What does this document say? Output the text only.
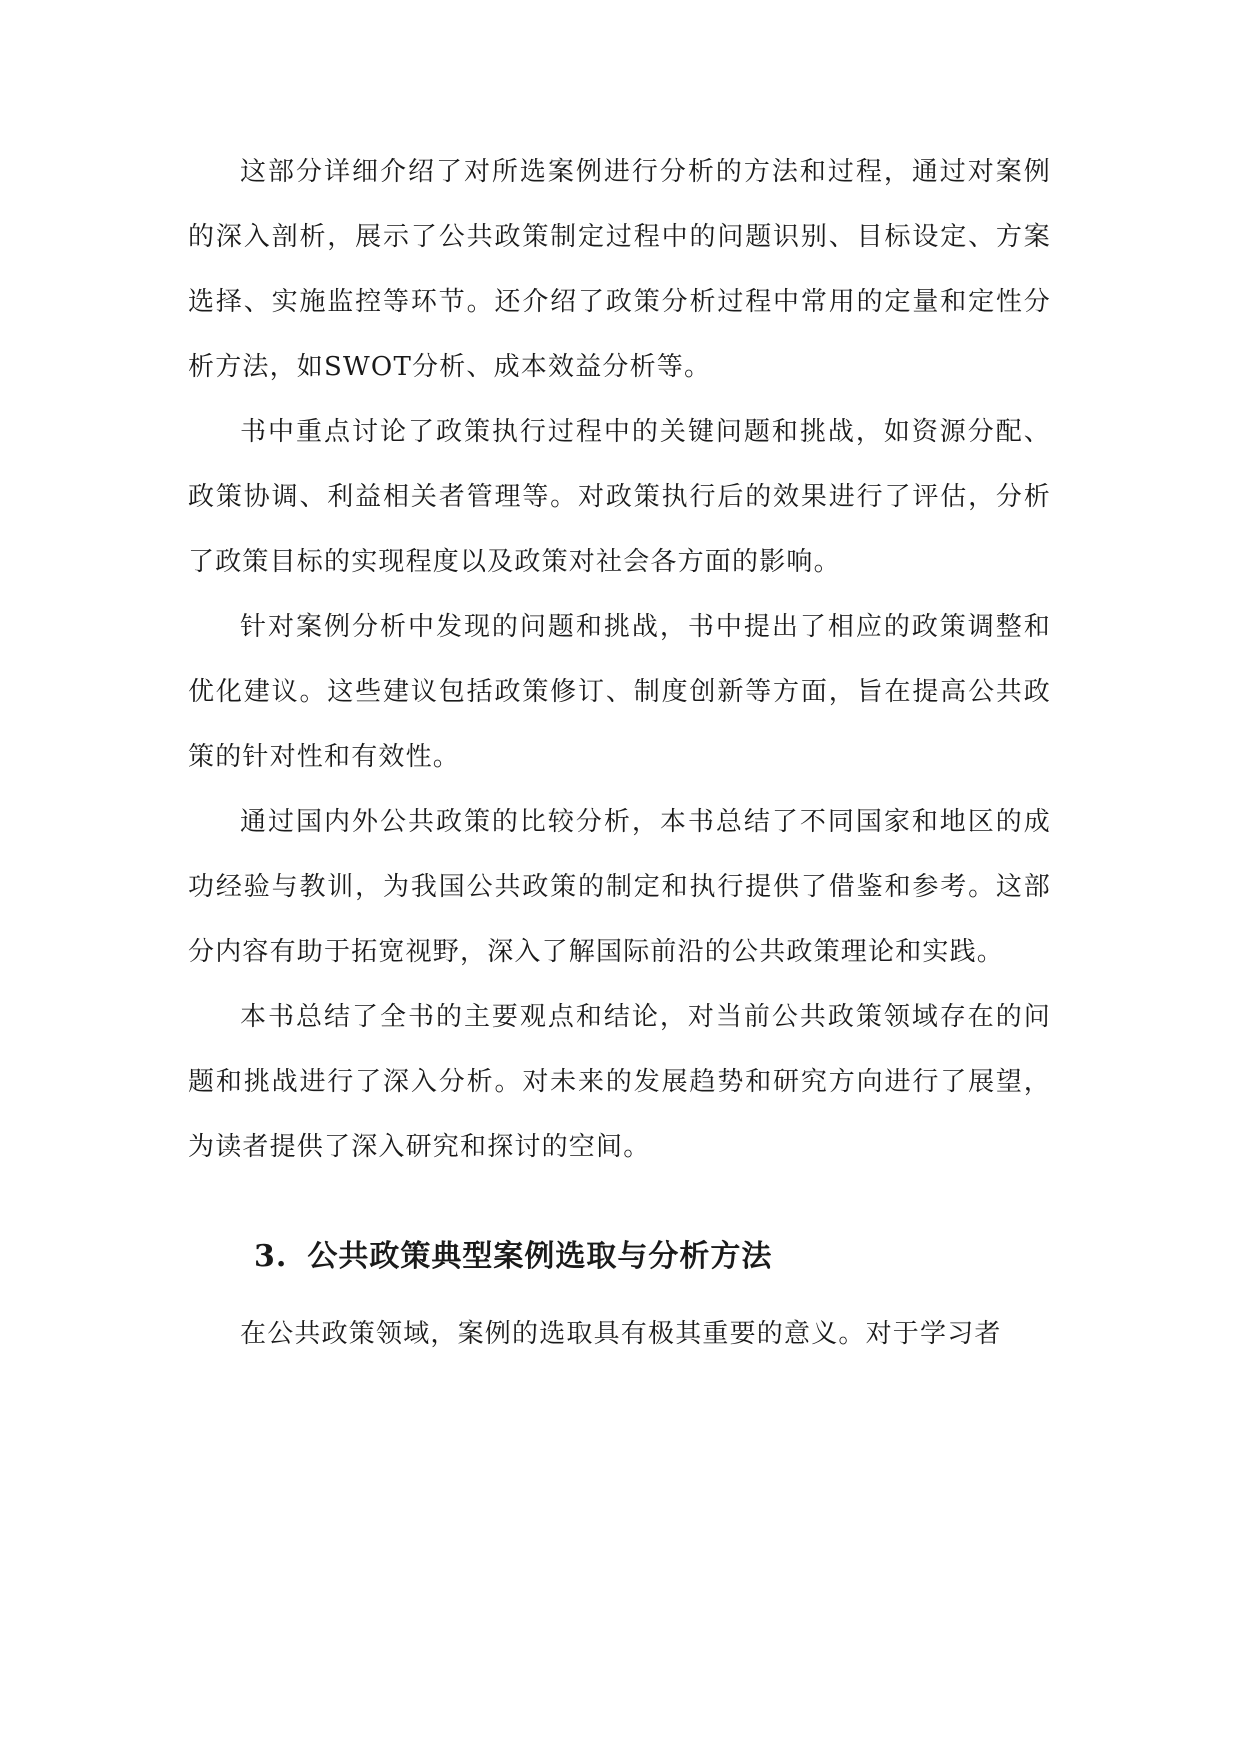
这部分详细介绍了对所选案例进行分析的方法和过程，通过对案例的深入剖析，展示了公共政策制定过程中的问题识别、目标设定、方案选择、实施监控等环节。还介绍了政策分析过程中常用的定量和定性分析方法，如SWOT分析、成本效益分析等。

书中重点讨论了政策执行过程中的关键问题和挑战，如资源分配、政策协调、利益相关者管理等。对政策执行后的效果进行了评估，分析了政策目标的实现程度以及政策对社会各方面的影响。

针对案例分析中发现的问题和挑战，书中提出了相应的政策调整和优化建议。这些建议包括政策修订、制度创新等方面，旨在提高公共政策的针对性和有效性。

通过国内外公共政策的比较分析，本书总结了不同国家和地区的成功经验与教训，为我国公共政策的制定和执行提供了借鉴和参考。这部分内容有助于拓宽视野，深入了解国际前沿的公共政策理论和实践。

本书总结了全书的主要观点和结论，对当前公共政策领域存在的问题和挑战进行了深入分析。对未来的发展趋势和研究方向进行了展望，为读者提供了深入研究和探讨的空间。

3. 公共政策典型案例选取与分析方法

在公共政策领域，案例的选取具有极其重要的意义。对于学习者
